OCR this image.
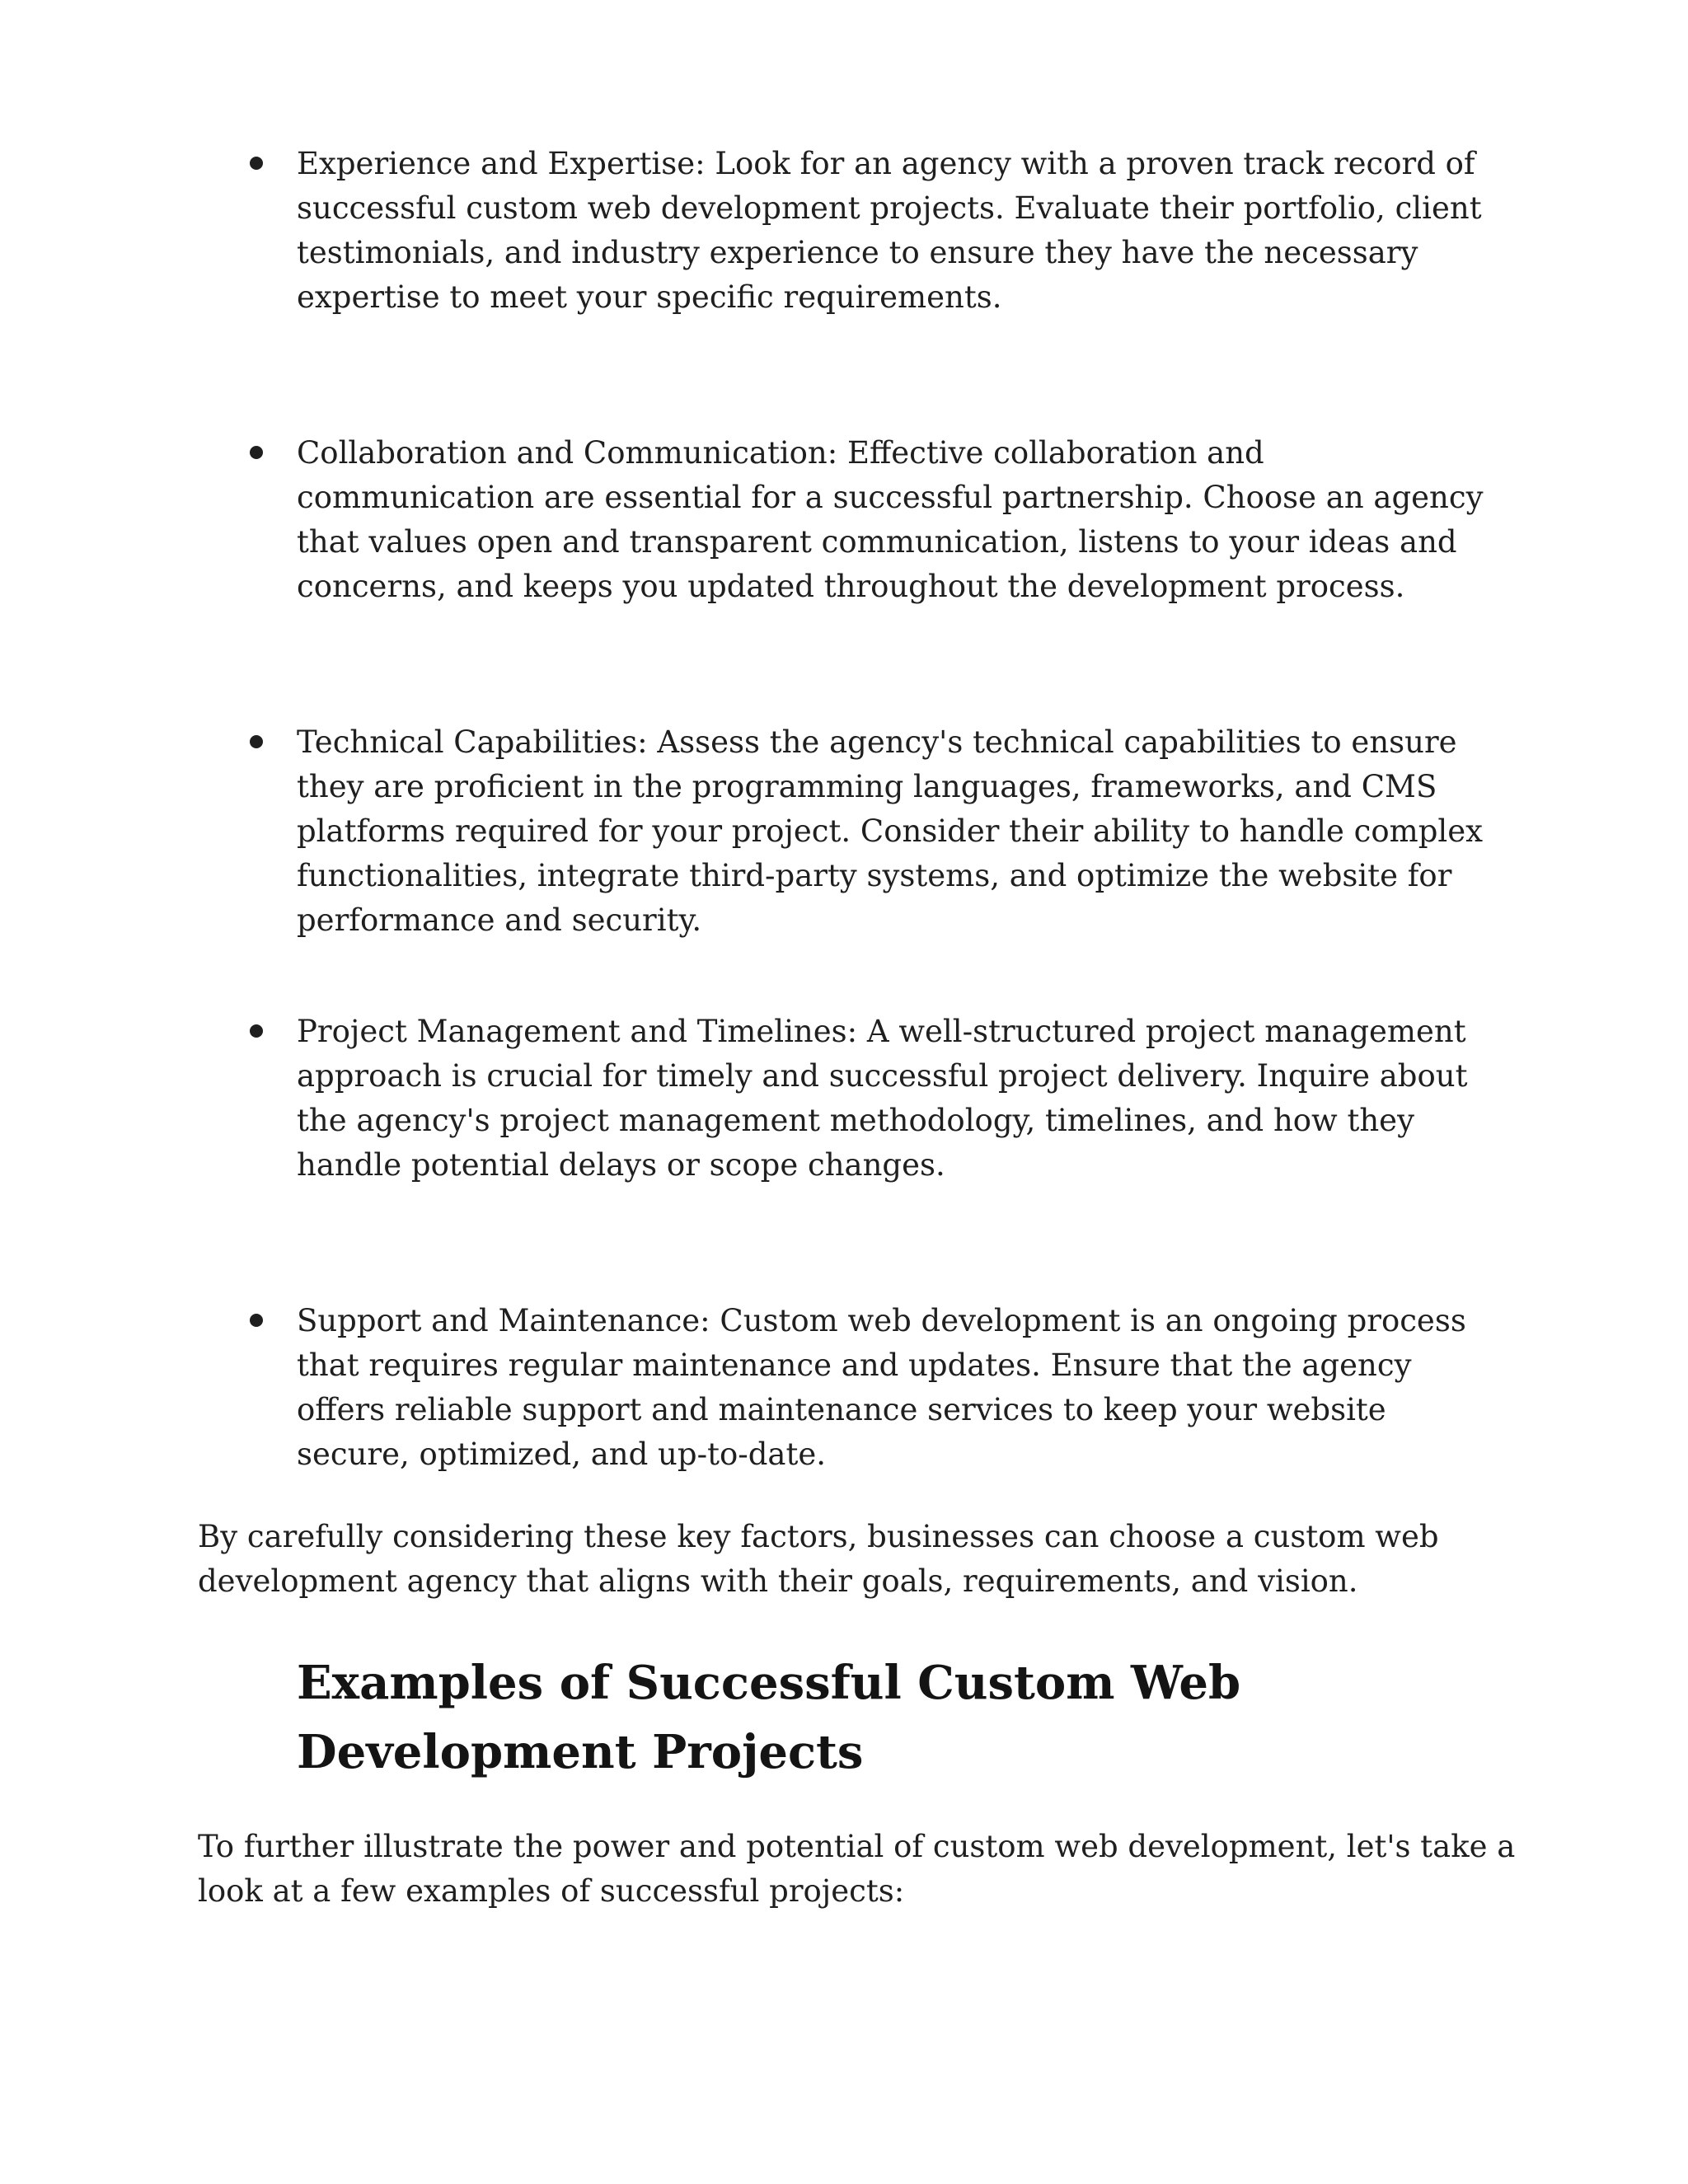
Experience and Expertise: Look for an agency with a proven track record of successful custom web development projects. Evaluate their portfolio, client testimonials, and industry experience to ensure they have the necessary expertise to meet your specific requirements.
Collaboration and Communication: Effective collaboration and communication are essential for a successful partnership. Choose an agency that values open and transparent communication, listens to your ideas and concerns, and keeps you updated throughout the development process.
Technical Capabilities: Assess the agency's technical capabilities to ensure they are proficient in the programming languages, frameworks, and CMS platforms required for your project. Consider their ability to handle complex functionalities, integrate third-party systems, and optimize the website for performance and security.
Project Management and Timelines: A well-structured project management approach is crucial for timely and successful project delivery. Inquire about the agency's project management methodology, timelines, and how they handle potential delays or scope changes.
Support and Maintenance: Custom web development is an ongoing process that requires regular maintenance and updates. Ensure that the agency offers reliable support and maintenance services to keep your website secure, optimized, and up-to-date.

By carefully considering these key factors, businesses can choose a custom web development agency that aligns with their goals, requirements, and vision.

Examples of Successful Custom Web Development Projects

To further illustrate the power and potential of custom web development, let's take a look at a few examples of successful projects:
